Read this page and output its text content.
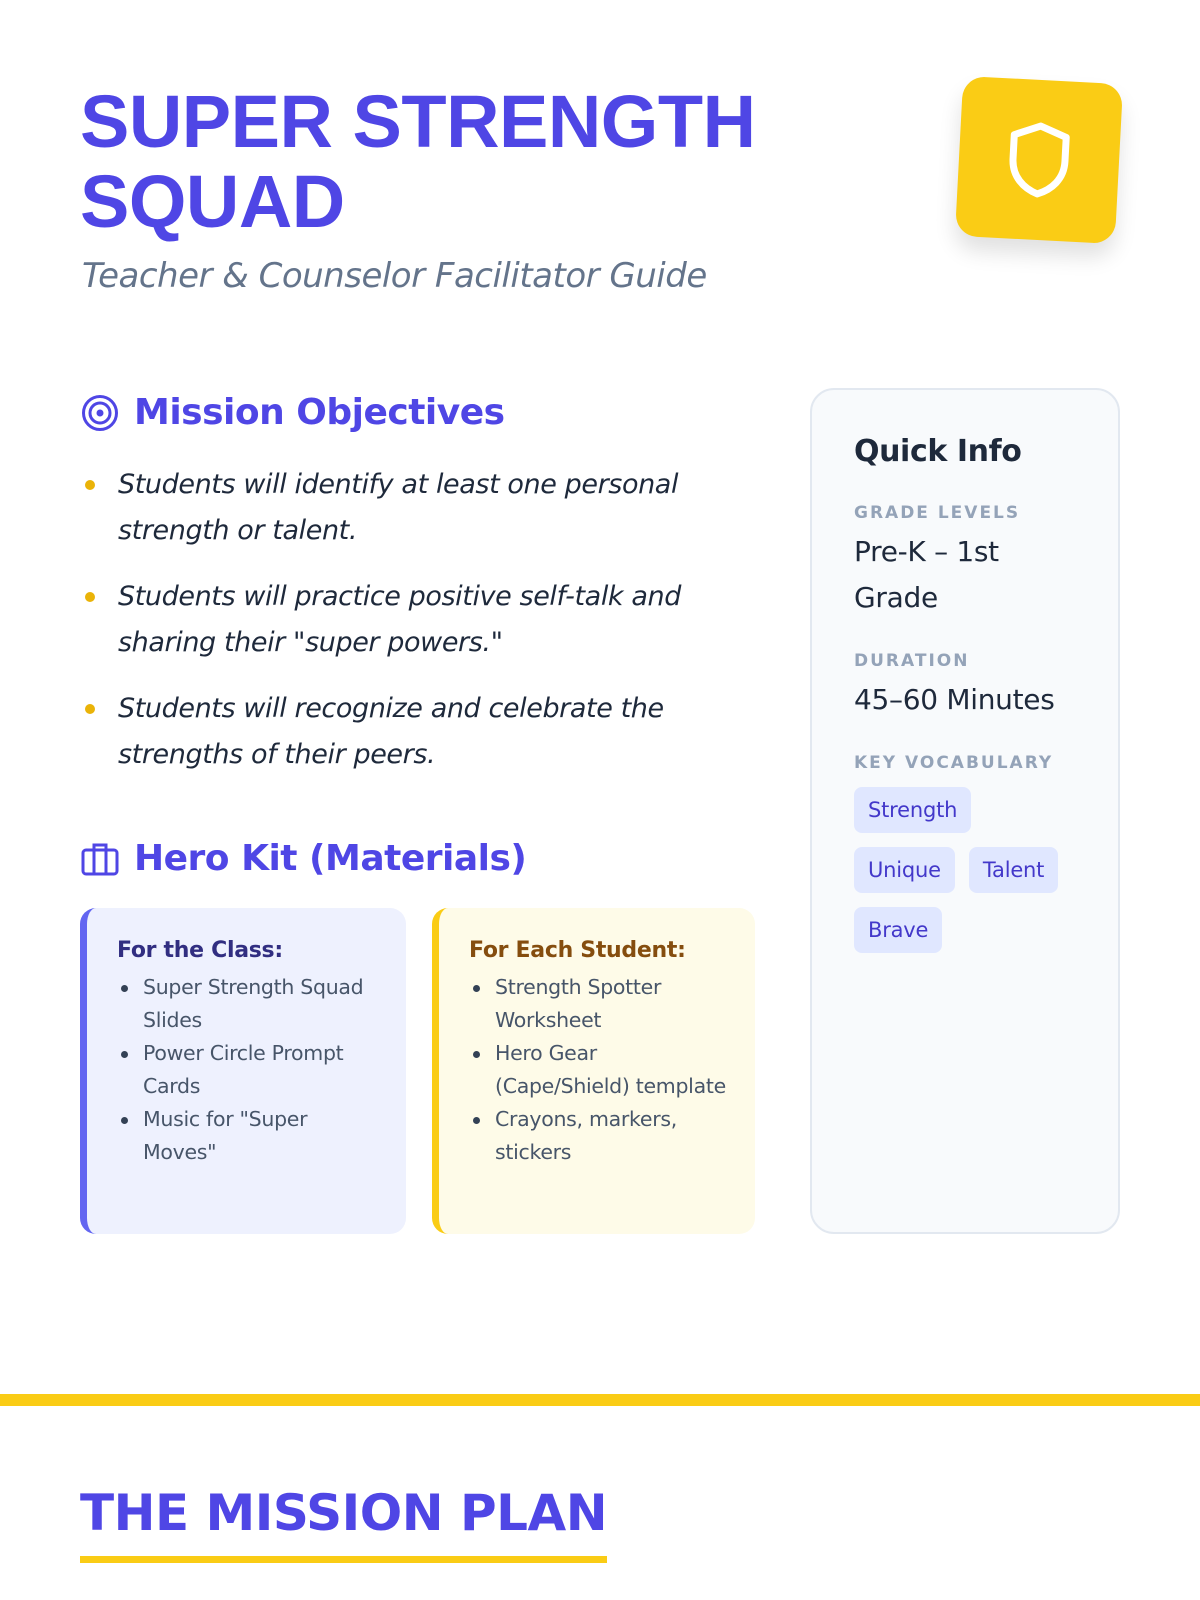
SUPER STRENGTH SQUAD
Teacher & Counselor Facilitator Guide
Mission Objectives
Students will identify at least one personal strength or talent.
Students will practice positive self-talk and sharing their "super powers."
Students will recognize and celebrate the strengths of their peers.
Hero Kit (Materials)
For the Class:
Super Strength Squad Slides
Power Circle Prompt Cards
Music for "Super Moves"
For Each Student:
Strength Spotter Worksheet
Hero Gear (Cape/Shield) template
Crayons, markers, stickers
Quick Info
GRADE LEVELS
Pre-K – 1st Grade
DURATION
45–60 Minutes
KEY VOCABULARY
Strength
Unique	Talent
Brave
THE MISSION PLAN
